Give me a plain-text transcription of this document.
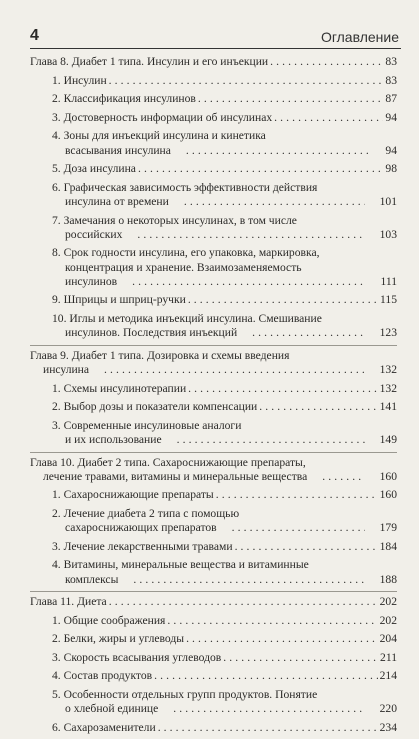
4	Оглавление
Глава 8. Диабет 1 типа. Инсулин и его инъекции . . .	83
1. Инсулин . . .	83
2. Классификация инсулинов . . .	87
3. Достоверность информации об инсулинах . . .	94
4. Зоны для инъекций инсулина и кинетика
всасывания инсулина . . .	94
5. Доза инсулина . . .	98
6. Графическая зависимость эффективности действия
инсулина от времени . . .	101
7. Замечания о некоторых инсулинах, в том числе
российских . . .	103
8. Срок годности инсулина, его упаковка, маркировка,
концентрация и хранение. Взаимозаменяемость
инсулинов . . .	111
9. Шприцы и шприц-ручки . . .	115
10. Иглы и методика инъекций инсулина. Смешивание
инсулинов. Последствия инъекций . . .	123
Глава 9. Диабет 1 типа. Дозировка и схемы введения
инсулина . . .	132
1. Схемы инсулинотерапии . . .	132
2. Выбор дозы и показатели компенсации . . .	141
3. Современные инсулиновые аналоги
и их использование . . .	149
Глава 10. Диабет 2 типа. Сахароснижающие препараты,
лечение травами, витамины и минеральные вещества . . .	160
1. Сахароснижающие препараты . . .	160
2. Лечение диабета 2 типа с помощью
сахароснижающих препаратов . . .	179
3. Лечение лекарственными травами . . .	184
4. Витамины, минеральные вещества и витаминные
комплексы . . .	188
Глава 11. Диета . . .	202
1. Общие соображения . . .	202
2. Белки, жиры и углеводы . . .	204
3. Скорость всасывания углеводов . . .	211
4. Состав продуктов . . .	214
5. Особенности отдельных групп продуктов. Понятие
о хлебной единице . . .	220
6. Сахарозаменители . . .	234
